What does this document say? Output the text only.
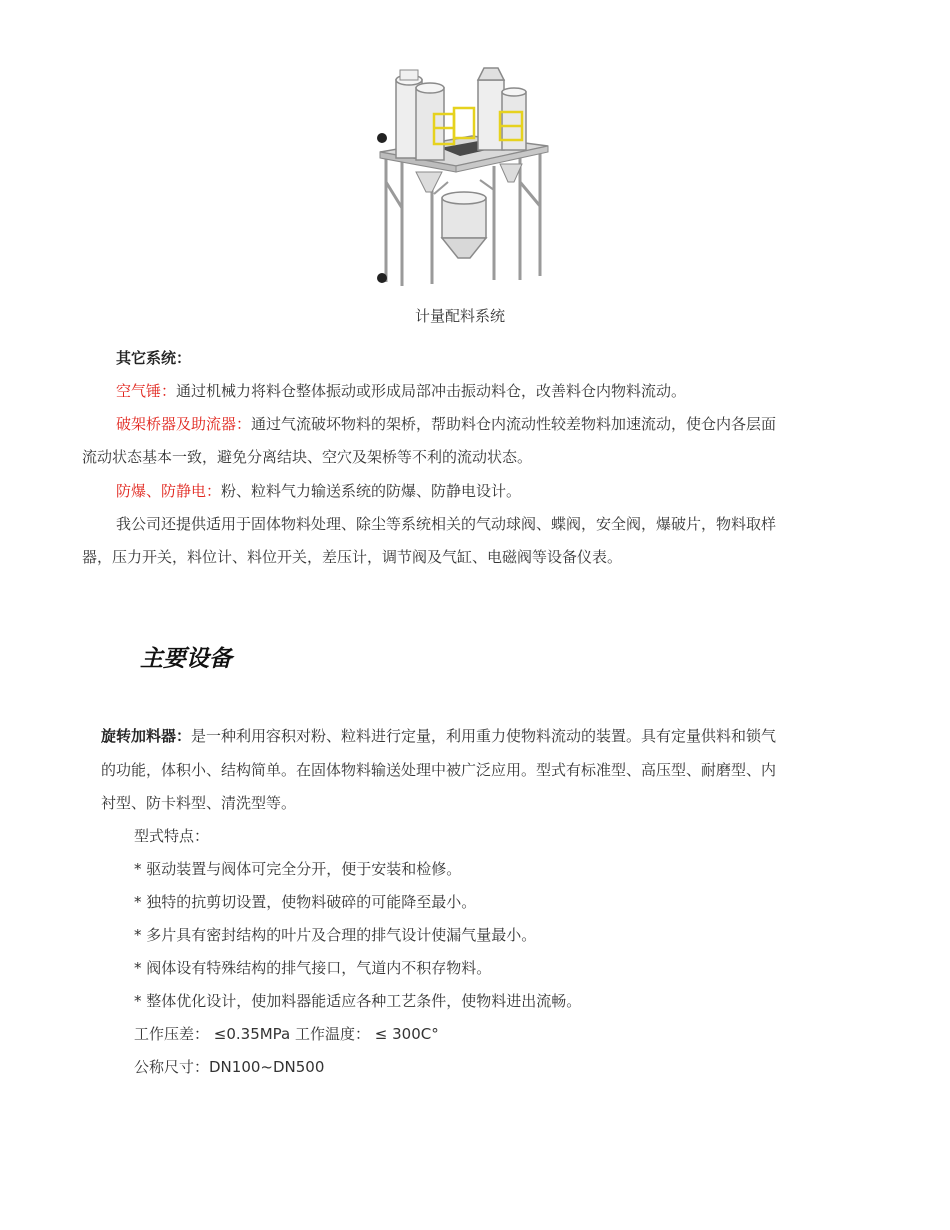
计量配料系统
其它系统：
空气锤：通过机械力将料仓整体振动或形成局部冲击振动料仓，改善料仓内物料流动。
破架桥器及助流器：通过气流破坏物料的架桥，帮助料仓内流动性较差物料加速流动，使仓内各层面
流动状态基本一致，避免分离结块、空穴及架桥等不利的流动状态。
防爆、防静电：粉、粒料气力输送系统的防爆、防静电设计。
我公司还提供适用于固体物料处理、除尘等系统相关的气动球阀、蝶阀，安全阀，爆破片，物料取样
器，压力开关，料位计、料位开关，差压计，调节阀及气缸、电磁阀等设备仪表。
主要设备
旋转加料器：是一种利用容积对粉、粒料进行定量，利用重力使物料流动的装置。具有定量供料和锁气
的功能，体积小、结构简单。在固体物料输送处理中被广泛应用。型式有标准型、高压型、耐磨型、内
衬型、防卡料型、清洗型等。
型式特点：
* 驱动装置与阀体可完全分开，便于安装和检修。
* 独特的抗剪切设置，使物料破碎的可能降至最小。
* 多片具有密封结构的叶片及合理的排气设计使漏气量最小。
* 阀体设有特殊结构的排气接口，气道内不积存物料。
* 整体优化设计，使加料器能适应各种工艺条件，使物料进出流畅。
工作压差： ≤0.35MPa 工作温度： ≤ 300C°
公称尺寸：DN100~DN500
